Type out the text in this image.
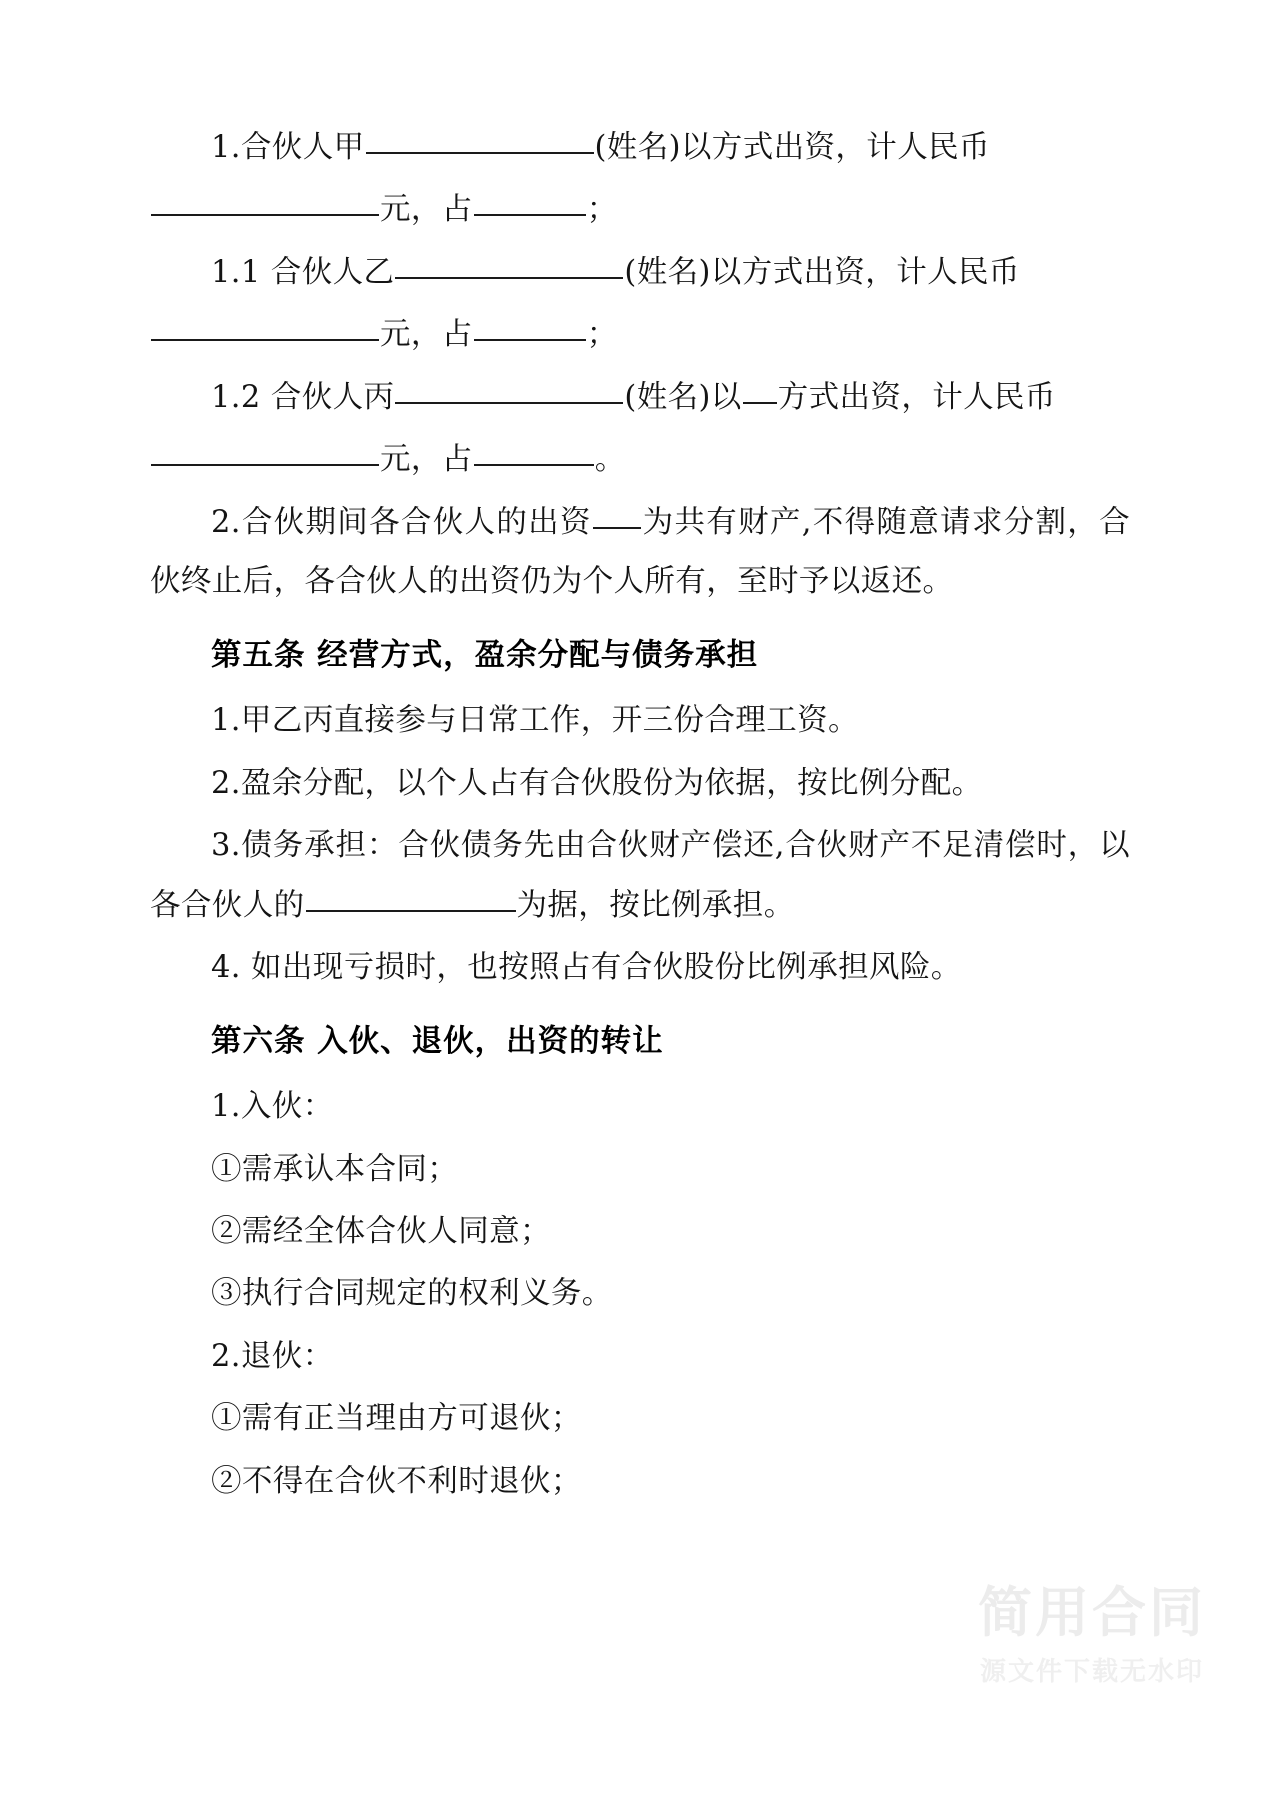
1.合伙人甲	(姓名)以方式出资，计人民币
元，占	；
1.1 合伙人乙	(姓名)以方式出资，计人民币
元，占	；
1.2 合伙人丙	(姓名)以 方式出资，计人民币
元，占	。
2.合伙期间各合伙人的出资 为共有财产,不得随意请求分割，合伙终止后，各合伙人的出资仍为个人所有，至时予以返还。
第五条 经营方式，盈余分配与债务承担
1.甲乙丙直接参与日常工作，开三份合理工资。
2.盈余分配，以个人占有合伙股份为依据，按比例分配。
3.债务承担：合伙债务先由合伙财产偿还,合伙财产不足清偿时，以各合伙人的	为据，按比例承担。
4. 如出现亏损时，也按照占有合伙股份比例承担风险。
第六条 入伙、退伙，出资的转让
1.入伙：
①需承认本合同；
②需经全体合伙人同意；
③执行合同规定的权利义务。
2.退伙：
①需有正当理由方可退伙；
②不得在合伙不利时退伙；
简用合同
源文件下载无水印
